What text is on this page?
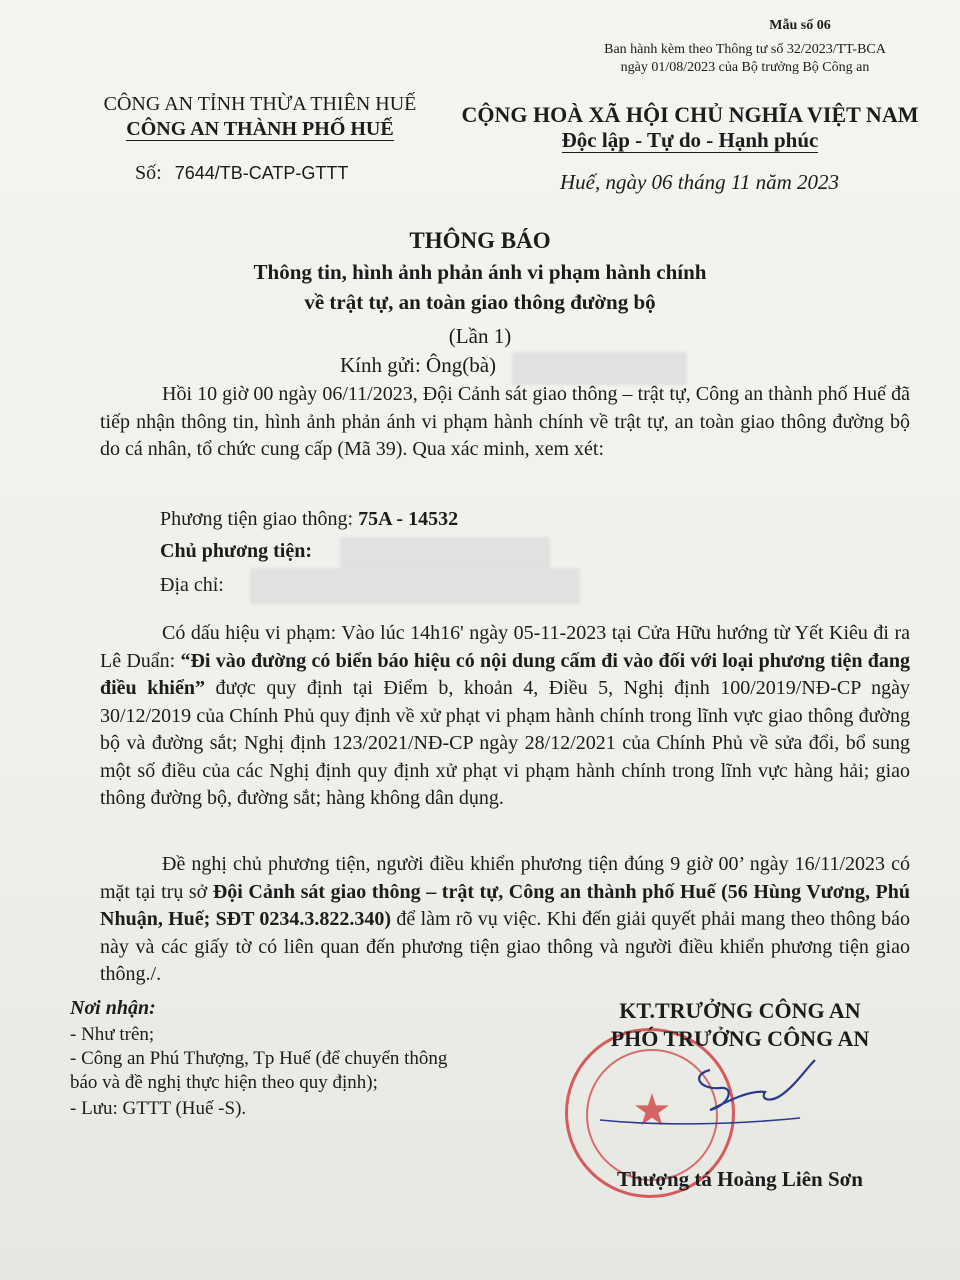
Mẫu số 06
Ban hành kèm theo Thông tư số 32/2023/TT-BCA
ngày 01/08/2023 của Bộ trưởng Bộ Công an
CÔNG AN TỈNH THỪA THIÊN HUẾ
CÔNG AN THÀNH PHỐ HUẾ
Số: 7644/TB-CATP-GTTT
CỘNG HOÀ XÃ HỘI CHỦ NGHĨA VIỆT NAM
Độc lập - Tự do - Hạnh phúc
Huế, ngày 06 tháng 11 năm 2023
THÔNG BÁO
Thông tin, hình ảnh phản ánh vi phạm hành chính
về trật tự, an toàn giao thông đường bộ
(Lần 1)
Kính gửi: Ông(bà)
Hồi 10 giờ 00 ngày 06/11/2023, Đội Cảnh sát giao thông – trật tự, Công an thành phố Huế đã tiếp nhận thông tin, hình ảnh phản ánh vi phạm hành chính về trật tự, an toàn giao thông đường bộ do cá nhân, tổ chức cung cấp (Mã 39). Qua xác minh, xem xét:
Phương tiện giao thông: 75A - 14532
Chủ phương tiện:
Địa chỉ:
Có dấu hiệu vi phạm: Vào lúc 14h16' ngày 05-11-2023 tại Cửa Hữu hướng từ Yết Kiêu đi ra Lê Duẩn: “Đi vào đường có biển báo hiệu có nội dung cấm đi vào đối với loại phương tiện đang điều khiển” được quy định tại Điểm b, khoản 4, Điều 5, Nghị định 100/2019/NĐ-CP ngày 30/12/2019 của Chính Phủ quy định về xử phạt vi phạm hành chính trong lĩnh vực giao thông đường bộ và đường sắt; Nghị định 123/2021/NĐ-CP ngày 28/12/2021 của Chính Phủ về sửa đổi, bổ sung một số điều của các Nghị định quy định xử phạt vi phạm hành chính trong lĩnh vực hàng hải; giao thông đường bộ, đường sắt; hàng không dân dụng.
Đề nghị chủ phương tiện, người điều khiển phương tiện đúng 9 giờ 00’ ngày 16/11/2023 có mặt tại trụ sở Đội Cảnh sát giao thông – trật tự, Công an thành phố Huế (56 Hùng Vương, Phú Nhuận, Huế; SĐT 0234.3.822.340) để làm rõ vụ việc. Khi đến giải quyết phải mang theo thông báo này và các giấy tờ có liên quan đến phương tiện giao thông và người điều khiển phương tiện giao thông./.
Nơi nhận:
- Như trên;
- Công an Phú Thượng, Tp Huế (để chuyển thông
báo và đề nghị thực hiện theo quy định);
- Lưu: GTTT (Huế -S).	★
KT.TRƯỞNG CÔNG AN
PHÓ TRƯỞNG CÔNG AN
Thượng tá Hoàng Liên Sơn
